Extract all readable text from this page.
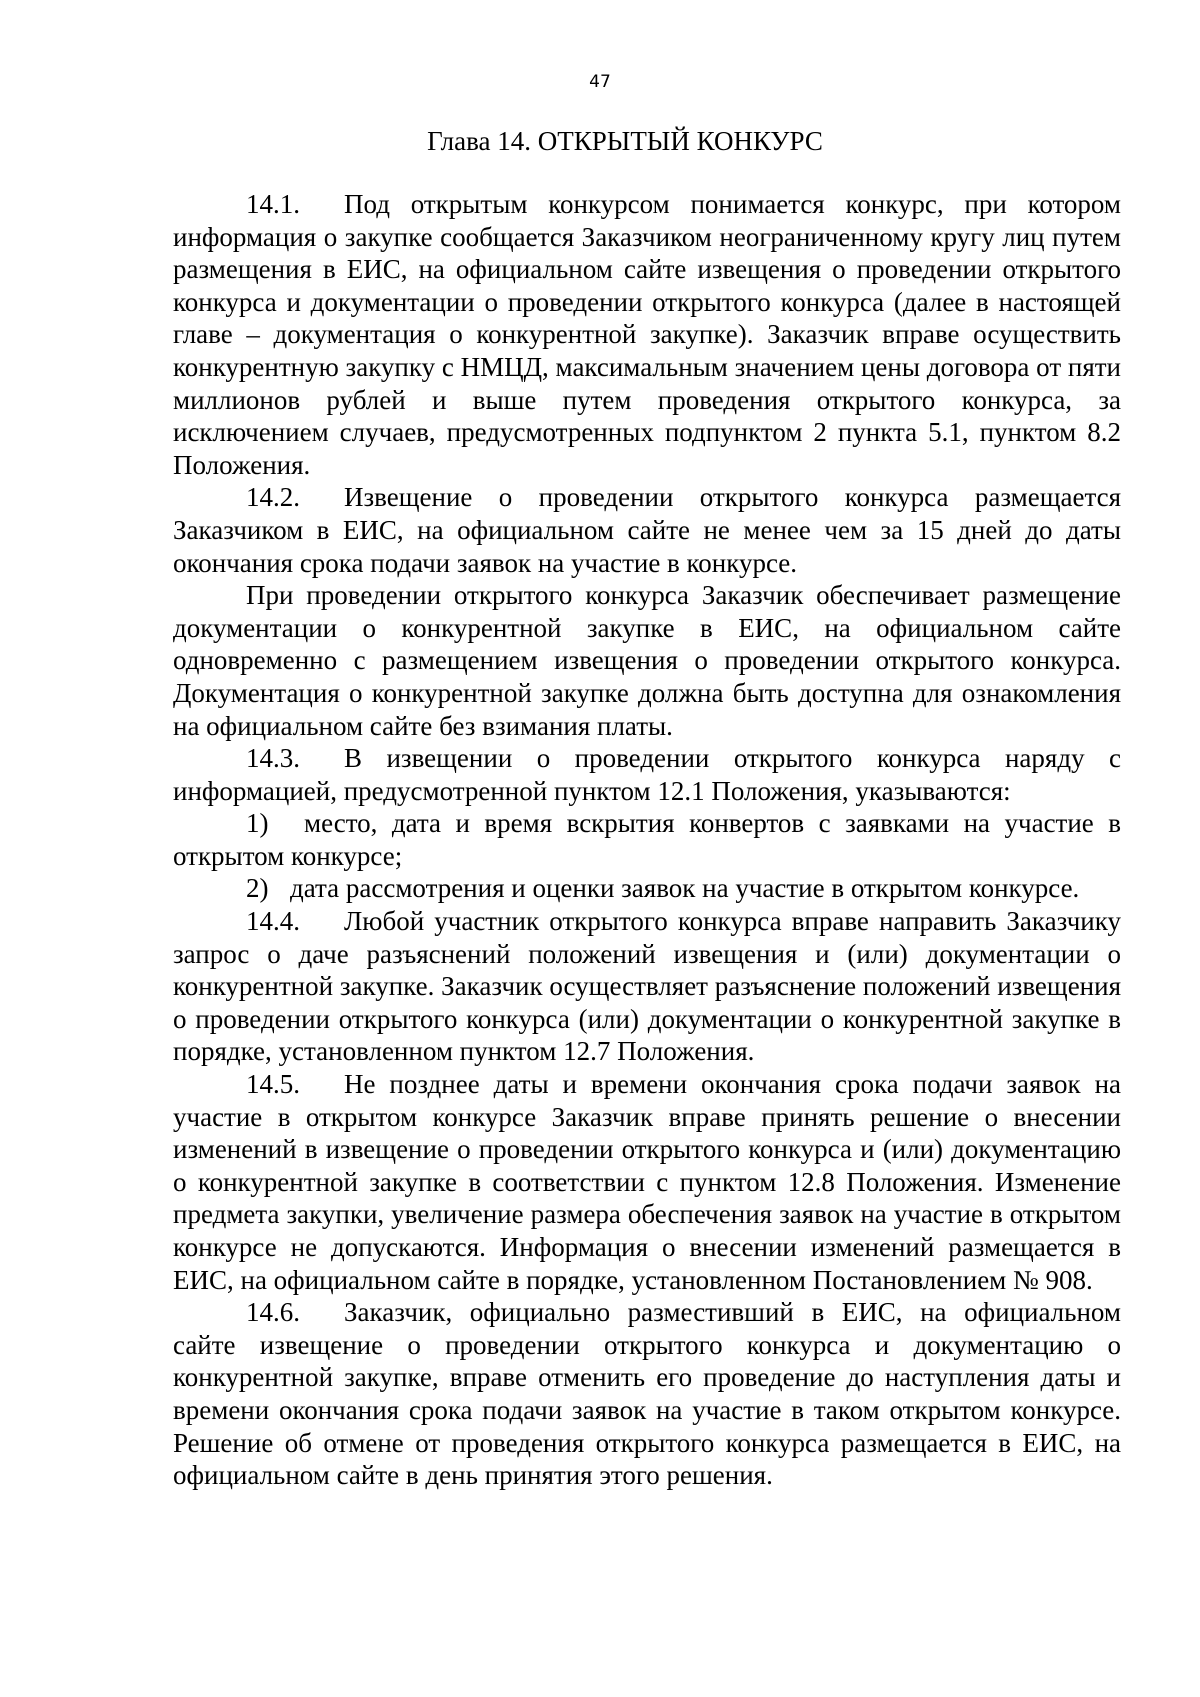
47

Глава 14. ОТКРЫТЫЙ КОНКУРС

14.1. Под открытым конкурсом понимается конкурс, при котором информация о закупке сообщается Заказчиком неограниченному кругу лиц путем размещения в ЕИС, на официальном сайте извещения о проведении открытого конкурса и документации о проведении открытого конкурса (далее в настоящей главе – документация о конкурентной закупке). Заказчик вправе осуществить конкурентную закупку с НМЦД, максимальным значением цены договора от пяти миллионов рублей и выше путем проведения открытого конкурса, за исключением случаев, предусмотренных подпунктом 2 пункта 5.1, пунктом 8.2 Положения.

14.2. Извещение о проведении открытого конкурса размещается Заказчиком в ЕИС, на официальном сайте не менее чем за 15 дней до даты окончания срока подачи заявок на участие в конкурсе.

При проведении открытого конкурса Заказчик обеспечивает размещение документации о конкурентной закупке в ЕИС, на официальном сайте одновременно с размещением извещения о проведении открытого конкурса. Документация о конкурентной закупке должна быть доступна для ознакомления на официальном сайте без взимания платы.

14.3. В извещении о проведении открытого конкурса наряду с информацией, предусмотренной пунктом 12.1 Положения, указываются:

1) место, дата и время вскрытия конвертов с заявками на участие в открытом конкурсе;

2) дата рассмотрения и оценки заявок на участие в открытом конкурсе.

14.4. Любой участник открытого конкурса вправе направить Заказчику запрос о даче разъяснений положений извещения и (или) документации о конкурентной закупке. Заказчик осуществляет разъяснение положений извещения о проведении открытого конкурса (или) документации о конкурентной закупке в порядке, установленном пунктом 12.7 Положения.

14.5. Не позднее даты и времени окончания срока подачи заявок на участие в открытом конкурсе Заказчик вправе принять решение о внесении изменений в извещение о проведении открытого конкурса и (или) документацию о конкурентной закупке в соответствии с пунктом 12.8 Положения. Изменение предмета закупки, увеличение размера обеспечения заявок на участие в открытом конкурсе не допускаются. Информация о внесении изменений размещается в ЕИС, на официальном сайте в порядке, установленном Постановлением № 908.

14.6. Заказчик, официально разместивший в ЕИС, на официальном сайте извещение о проведении открытого конкурса и документацию о конкурентной закупке, вправе отменить его проведение до наступления даты и времени окончания срока подачи заявок на участие в таком открытом конкурсе. Решение об отмене от проведения открытого конкурса размещается в ЕИС, на официальном сайте в день принятия этого решения.
